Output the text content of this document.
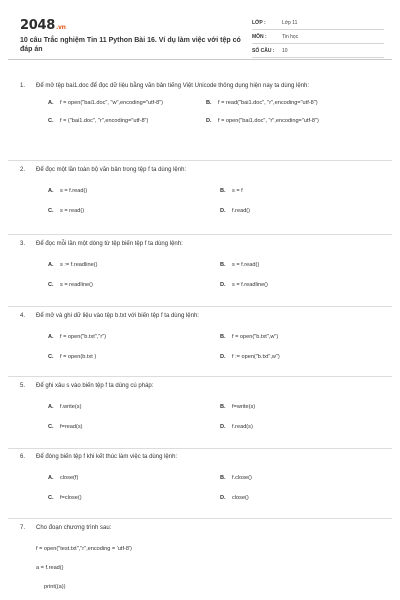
2048.vn
10 câu Trắc nghiệm Tin 11 Python Bài 16. Ví dụ làm việc với tệp có đáp án
LỚP :	Lớp 11
MÔN :	Tin học
SỐ CÂU :	10
1.	Để mở tệp bai1.doc để đọc dữ liệu bằng văn bản tiếng Việt Unicode thông dụng hiện nay ta dùng lệnh:
A.	f = open("bai1.doc", "w",encoding="utf-8")	B.	f = read("bai1.doc", "r",encoding="utf-8")
C.	f = ("bai1.doc", "r",encoding="utf-8")	D.	f = open("bai1.doc", "r",encoding="utf-8")
2.	Để đọc một lần toàn bộ văn bản trong tệp f ta dùng lệnh:
A.	s = f.read()	B.	s = f
C.	s = read()	D.	f.read()
3.	Để đọc mỗi lần một dòng từ tệp biến tệp f ta dùng lệnh:
A.	s := f.readline()	B.	s = f.read()
C.	s = readline()	D.	s = f.readline()
4.	Để mở và ghi dữ liệu vào tệp b.txt với biến tệp f ta dùng lệnh:
A.	f = open("b.txt","r")	B.	f = open("b.txt",w")
C.	f = open(b.txt )	D.	f := open("b.txt",w")
5.	Để ghi xâu s vào biến tệp f ta dùng cú pháp:
A.	f.write(s)	B.	f=write(s)
C.	f=read(s)	D.	f.read(s)
6.	Để đóng biến tệp f khi kết thúc làm việc ta dùng lệnh:
A.	close(f)	B.	f.close()
C.	f=close()	D.	close()
7.	Cho đoạn chương trình sau:
f = open("test.txt","r",encoding = 'utf-8')
a = f.read()
print((a))
